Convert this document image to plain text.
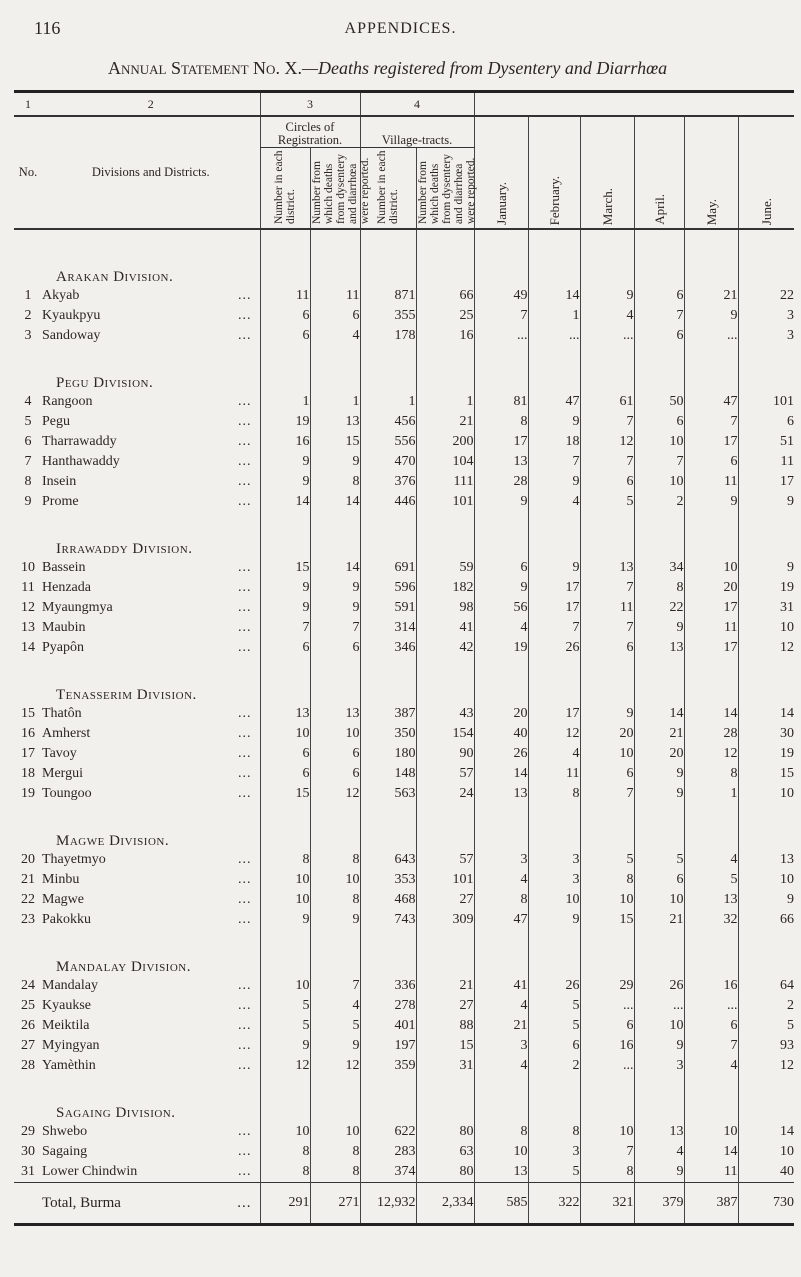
116	APPENDICES.
Annual Statement No. X.—Deaths registered from Dysentery and Diarrhœa

1	2	3		4							
No.	Divisions and Districts.	Circles of Registration.		Village-tracts.		January.	February.	March.	April.	May.	June.
		Number in each district.	Number from which deaths from dysentery and diarrhœa were reported.	Number in each district.	Number from which deaths from dysentery and diarrhœa were reported.						

	Arakan Division.										
1	Akyab ...	11	11	871	66	49	14	9	6	21	22
2	Kyaukpyu ...	6	6	355	25	7	1	4	7	9	3
3	Sandoway ...	6	4	178	16	...	...	...	6	...	3
	Pegu Division.										
4	Rangoon ...	1	1	1	1	81	47	61	50	47	101
5	Pegu ...	19	13	456	21	8	9	7	6	7	6
6	Tharrawaddy ...	16	15	556	200	17	18	12	10	17	51
7	Hanthawaddy ...	9	9	470	104	13	7	7	7	6	11
8	Insein ...	9	8	376	111	28	9	6	10	11	17
9	Prome ...	14	14	446	101	9	4	5	2	9	9
	Irrawaddy Division.										
10	Bassein ...	15	14	691	59	6	9	13	34	10	9
11	Henzada ...	9	9	596	182	9	17	7	8	20	19
12	Myaungmya ...	9	9	591	98	56	17	11	22	17	31
13	Maubin ...	7	7	314	41	4	7	7	9	11	10
14	Pyapôn ...	6	6	346	42	19	26	6	13	17	12
	Tenasserim Division.										
15	Thatôn ...	13	13	387	43	20	17	9	14	14	14
16	Amherst ...	10	10	350	154	40	12	20	21	28	30
17	Tavoy ...	6	6	180	90	26	4	10	20	12	19
18	Mergui ...	6	6	148	57	14	11	6	9	8	15
19	Toungoo ...	15	12	563	24	13	8	7	9	1	10
	Magwe Division.										
20	Thayetmyo ...	8	8	643	57	3	3	5	5	4	13
21	Minbu ...	10	10	353	101	4	3	8	6	5	10
22	Magwe ...	10	8	468	27	8	10	10	10	13	9
23	Pakokku ...	9	9	743	309	47	9	15	21	32	66
	Mandalay Division.										
24	Mandalay ...	10	7	336	21	41	26	29	26	16	64
25	Kyaukse ...	5	4	278	27	4	5	...	...	...	2
26	Meiktila ...	5	5	401	88	21	5	6	10	6	5
27	Myingyan ...	9	9	197	15	3	6	16	9	7	93
28	Yamèthin ...	12	12	359	31	4	2	...	3	4	12
	Sagaing Division.										
29	Shwebo ...	10	10	622	80	8	8	10	13	10	14
30	Sagaing ...	8	8	283	63	10	3	7	4	14	10
31	Lower Chindwin ...	8	8	374	80	13	5	8	9	11	40
	Total, Burma ...	291	271	12,932	2,334	585	322	321	379	387	730
